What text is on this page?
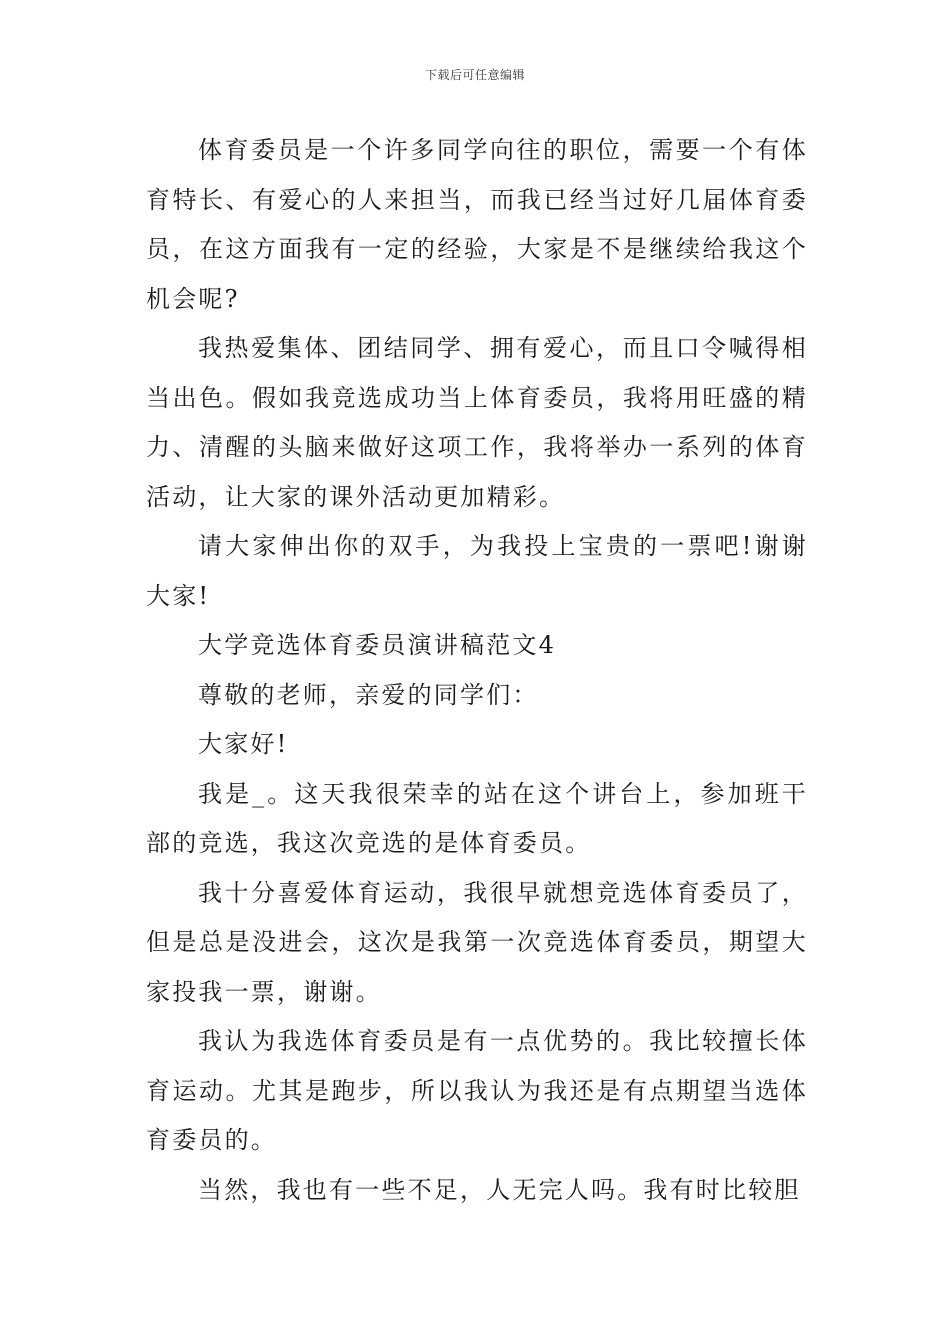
下载后可任意编辑

体育委员是一个许多同学向往的职位，需要一个有体育特长、有爱心的人来担当，而我已经当过好几届体育委员，在这方面我有一定的经验，大家是不是继续给我这个机会呢?

我热爱集体、团结同学、拥有爱心，而且口令喊得相当出色。假如我竞选成功当上体育委员，我将用旺盛的精力、清醒的头脑来做好这项工作，我将举办一系列的体育活动，让大家的课外活动更加精彩。

请大家伸出你的双手，为我投上宝贵的一票吧!谢谢大家!

大学竞选体育委员演讲稿范文4

尊敬的老师，亲爱的同学们：

大家好!

我是_。这天我很荣幸的站在这个讲台上，参加班干部的竞选，我这次竞选的是体育委员。

我十分喜爱体育运动，我很早就想竞选体育委员了，但是总是没进会，这次是我第一次竞选体育委员，期望大家投我一票，谢谢。

我认为我选体育委员是有一点优势的。我比较擅长体育运动。尤其是跑步，所以我认为我还是有点期望当选体育委员的。

当然，我也有一些不足，人无完人吗。我有时比较胆
